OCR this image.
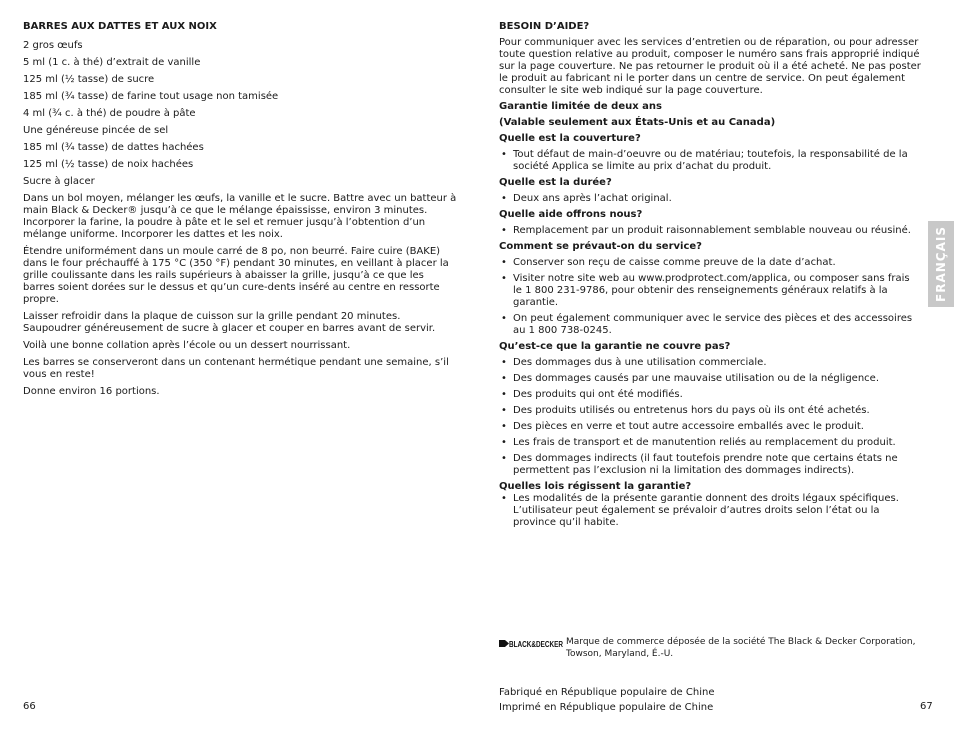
BARRES AUX DATTES ET AUX NOIX
2 gros œufs
5 ml (1 c. à thé) d’extrait de vanille
125 ml (½ tasse) de sucre
185 ml (¾ tasse) de farine tout usage non tamisée
4 ml (¾ c. à thé) de poudre à pâte
Une généreuse pincée de sel
185 ml (¾ tasse) de dattes hachées
125 ml (½ tasse) de noix hachées
Sucre à glacer
Dans un bol moyen, mélanger les œufs, la vanille et le sucre. Battre avec un batteur à main Black & Decker® jusqu’à ce que le mélange épaississe, environ 3 minutes. Incorporer la farine, la poudre à pâte et le sel et remuer jusqu’à l’obtention d’un mélange uniforme. Incorporer les dattes et les noix.
Étendre uniformément dans un moule carré de 8 po, non beurré. Faire cuire (BAKE) dans le four préchauffé à 175 °C (350 °F) pendant 30 minutes, en veillant à placer la grille coulissante dans les rails supérieurs à abaisser la grille, jusqu’à ce que les barres soient dorées sur le dessus et qu’un cure-dents inséré au centre en ressorte propre.
Laisser refroidir dans la plaque de cuisson sur la grille pendant 20 minutes. Saupoudrer généreusement de sucre à glacer et couper en barres avant de servir.
Voilà une bonne collation après l’école ou un dessert nourrissant.
Les barres se conserveront dans un contenant hermétique pendant une semaine, s’il vous en reste!
Donne environ 16 portions.
BESOIN D’AIDE?
Pour communiquer avec les services d’entretien ou de réparation, ou pour adresser toute question relative au produit, composer le numéro sans frais approprié indiqué sur la page couverture. Ne pas retourner le produit où il a été acheté. Ne pas poster le produit au fabricant ni le porter dans un centre de service. On peut également consulter le site web indiqué sur la page couverture.
Garantie limitée de deux ans
(Valable seulement aux États-Unis et au Canada)
Quelle est la couverture?
• Tout défaut de main-d’oeuvre ou de matériau; toutefois, la responsabilité de la société Applica se limite au prix d’achat du produit.
Quelle est la durée?
• Deux ans après l’achat original.
Quelle aide offrons nous?
• Remplacement par un produit raisonnablement semblable nouveau ou réusiné.
Comment se prévaut-on du service?
• Conserver son reçu de caisse comme preuve de la date d’achat.
• Visiter notre site web au www.prodprotect.com/applica, ou composer sans frais le 1 800 231-9786, pour obtenir des renseignements généraux relatifs à la garantie.
• On peut également communiquer avec le service des pièces et des accessoires au 1 800 738-0245.
Qu’est-ce que la garantie ne couvre pas?
• Des dommages dus à une utilisation commerciale.
• Des dommages causés par une mauvaise utilisation ou de la négligence.
• Des produits qui ont été modifiés.
• Des produits utilisés ou entretenus hors du pays où ils ont été achetés.
• Des pièces en verre et tout autre accessoire emballés avec le produit.
• Les frais de transport et de manutention reliés au remplacement du produit.
• Des dommages indirects (il faut toutefois prendre note que certains états ne permettent pas l’exclusion ni la limitation des dommages indirects).
Quelles lois régissent la garantie?
• Les modalités de la présente garantie donnent des droits légaux spécifiques. L’utilisateur peut également se prévaloir d’autres droits selon l’état ou la province qu’il habite.
FRANÇAIS
BLACK&DECKER Marque de commerce déposée de la société The Black & Decker Corporation, Towson, Maryland, É.-U.
Fabriqué en République populaire de Chine
Imprimé en République populaire de Chine
66	67
